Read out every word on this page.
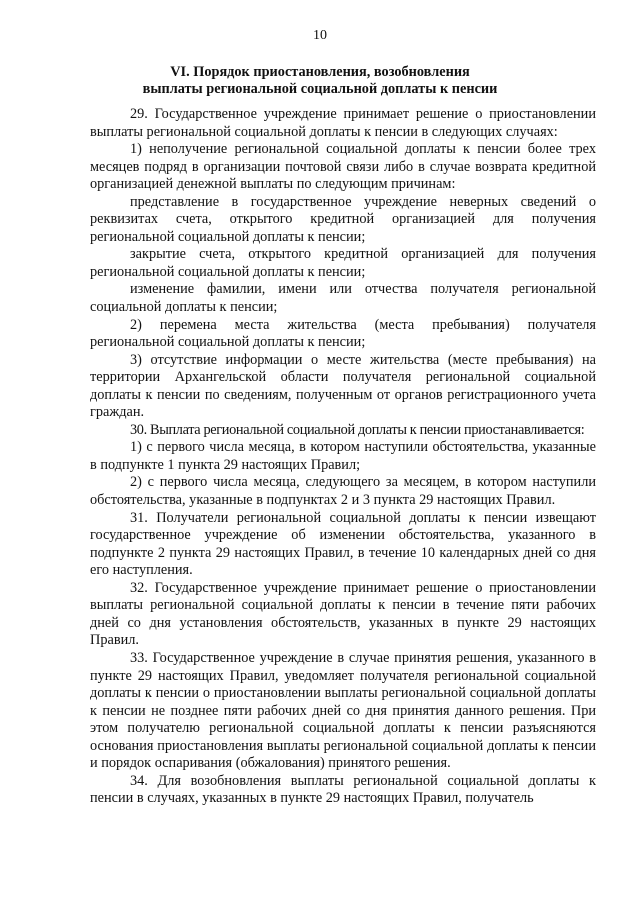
10
VI. Порядок приостановления, возобновления
выплаты региональной социальной доплаты к пенсии

29. Государственное учреждение принимает решение о приостановлении выплаты региональной социальной доплаты к пенсии в следующих случаях:

1) неполучение региональной социальной доплаты к пенсии более трех месяцев подряд в организации почтовой связи либо в случае возврата кредитной организацией денежной выплаты по следующим причинам:

представление в государственное учреждение неверных сведений о реквизитах счета, открытого кредитной организацией для получения региональной социальной доплаты к пенсии;

закрытие счета, открытого кредитной организацией для получения региональной социальной доплаты к пенсии;

изменение фамилии, имени или отчества получателя региональной социальной доплаты к пенсии;

2) перемена места жительства (места пребывания) получателя региональной социальной доплаты к пенсии;

3) отсутствие информации о месте жительства (месте пребывания) на территории Архангельской области получателя региональной социальной доплаты к пенсии по сведениям, полученным от органов регистрационного учета граждан.

30. Выплата региональной социальной доплаты к пенсии приостанавливается:

1) с первого числа месяца, в котором наступили обстоятельства, указанные в подпункте 1 пункта 29 настоящих Правил;

2) с первого числа месяца, следующего за месяцем, в котором наступили обстоятельства, указанные в подпунктах 2 и 3 пункта 29 настоящих Правил.

31. Получатели региональной социальной доплаты к пенсии извещают государственное учреждение об изменении обстоятельства, указанного в подпункте 2 пункта 29 настоящих Правил, в течение 10 календарных дней со дня его наступления.

32. Государственное учреждение принимает решение о приостановлении выплаты региональной социальной доплаты к пенсии в течение пяти рабочих дней со дня установления обстоятельств, указанных в пункте 29 настоящих Правил.

33. Государственное учреждение в случае принятия решения, указанного в пункте 29 настоящих Правил, уведомляет получателя региональной социальной доплаты к пенсии о приостановлении выплаты региональной социальной доплаты к пенсии не позднее пяти рабочих дней со дня принятия данного решения. При этом получателю региональной социальной доплаты к пенсии разъясняются основания приостановления выплаты региональной социальной доплаты к пенсии и порядок оспаривания (обжалования) принятого решения.

34. Для возобновления выплаты региональной социальной доплаты к пенсии в случаях, указанных в пункте 29 настоящих Правил, получатель
